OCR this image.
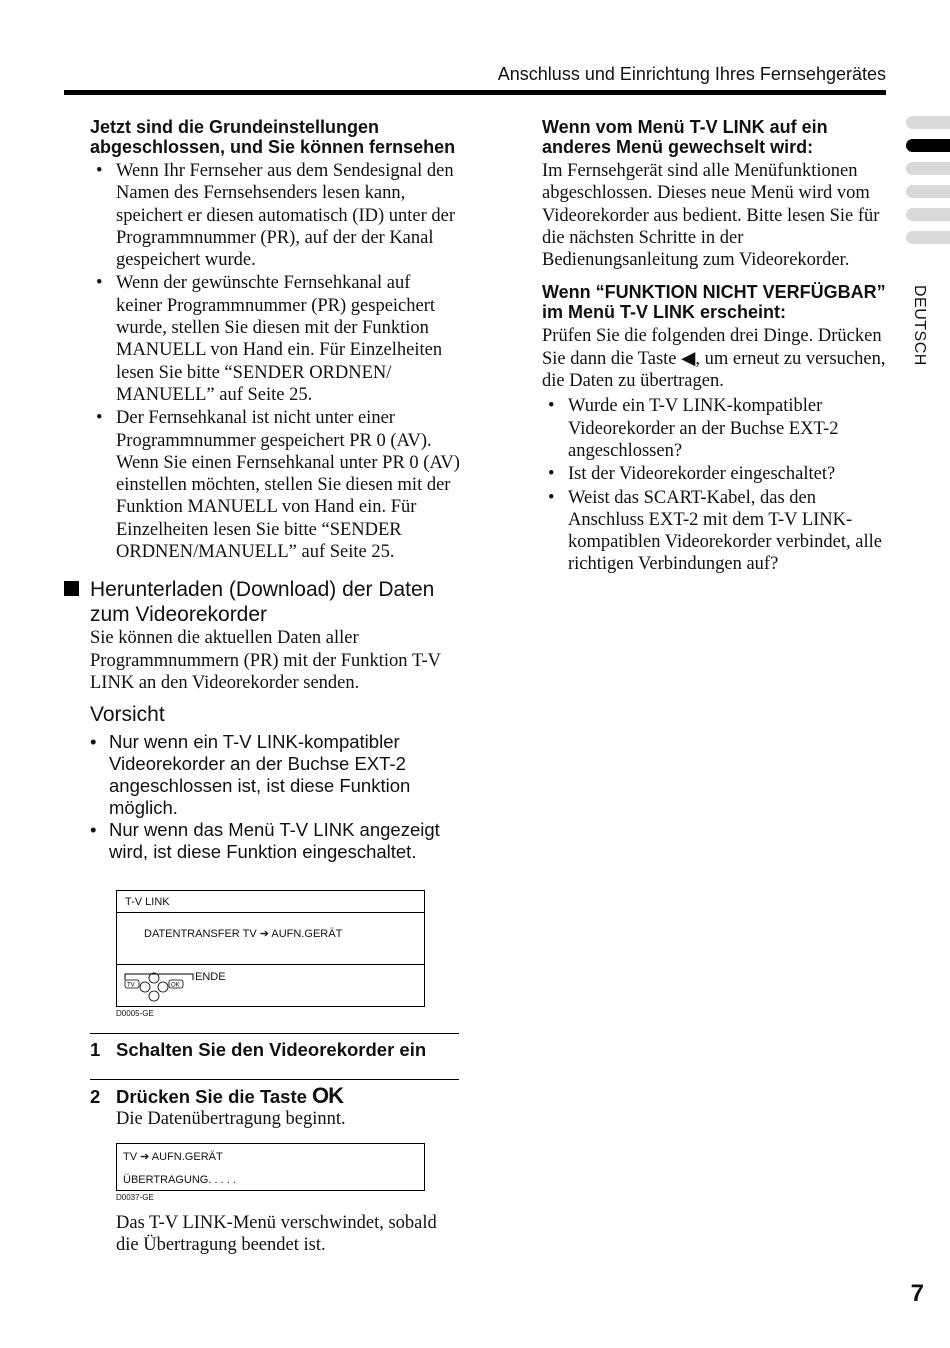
Anschluss und Einrichtung Ihres Fernsehgerätes
DEUTSCH

Jetzt sind die Grundeinstellungen abgeschlossen, und Sie können fernsehen

• Wenn Ihr Fernseher aus dem Sendesignal den Namen des Fernsehsenders lesen kann, speichert er diesen automatisch (ID) unter der Programmnummer (PR), auf der der Kanal gespeichert wurde.
• Wenn der gewünschte Fernsehkanal auf keiner Programmnummer (PR) gespeichert wurde, stellen Sie diesen mit der Funktion MANUELL von Hand ein. Für Einzelheiten lesen Sie bitte “SENDER ORDNEN/ MANUELL” auf Seite 25.
• Der Fernsehkanal ist nicht unter einer Programmnummer gespeichert PR 0 (AV). Wenn Sie einen Fernsehkanal unter PR 0 (AV) einstellen möchten, stellen Sie diesen mit der Funktion MANUELL von Hand ein. Für Einzelheiten lesen Sie bitte “SENDER ORDNEN/MANUELL” auf Seite 25.

Herunterladen (Download) der Daten zum Videorekorder

Sie können die aktuellen Daten aller Programmnummern (PR) mit der Funktion T-V LINK an den Videorekorder senden.

Vorsicht

• Nur wenn ein T-V LINK-kompatibler Videorekorder an der Buchse EXT-2 angeschlossen ist, ist diese Funktion möglich.
• Nur wenn das Menü T-V LINK angezeigt wird, ist diese Funktion eingeschaltet.
T-V LINK
DATENTRANSFER TV ➔ AUFN.GERÄT
TV	OK
ENDE
D0005-GE
1 Schalten Sie den Videorekorder ein
2 Drücken Sie die Taste OK
Die Datenübertragung beginnt.
TV ➔ AUFN.GERÄT
ÜBERTRAGUNG. . . . .
D0037-GE
Das T-V LINK-Menü verschwindet, sobald die Übertragung beendet ist.

Wenn vom Menü T-V LINK auf ein anderes Menü gewechselt wird:

Im Fernsehgerät sind alle Menüfunktionen abgeschlossen. Dieses neue Menü wird vom Videorekorder aus bedient. Bitte lesen Sie für die nächsten Schritte in der Bedienungsanleitung zum Videorekorder.

Wenn “FUNKTION NICHT VERFÜGBAR” im Menü T-V LINK erscheint:

Prüfen Sie die folgenden drei Dinge. Drücken Sie dann die Taste ◀, um erneut zu versuchen, die Daten zu übertragen.

• Wurde ein T-V LINK-kompatibler Videorekorder an der Buchse EXT-2 angeschlossen?
• Ist der Videorekorder eingeschaltet?
• Weist das SCART-Kabel, das den Anschluss EXT-2 mit dem T-V LINK-kompatiblen Videorekorder verbindet, alle richtigen Verbindungen auf?
7
